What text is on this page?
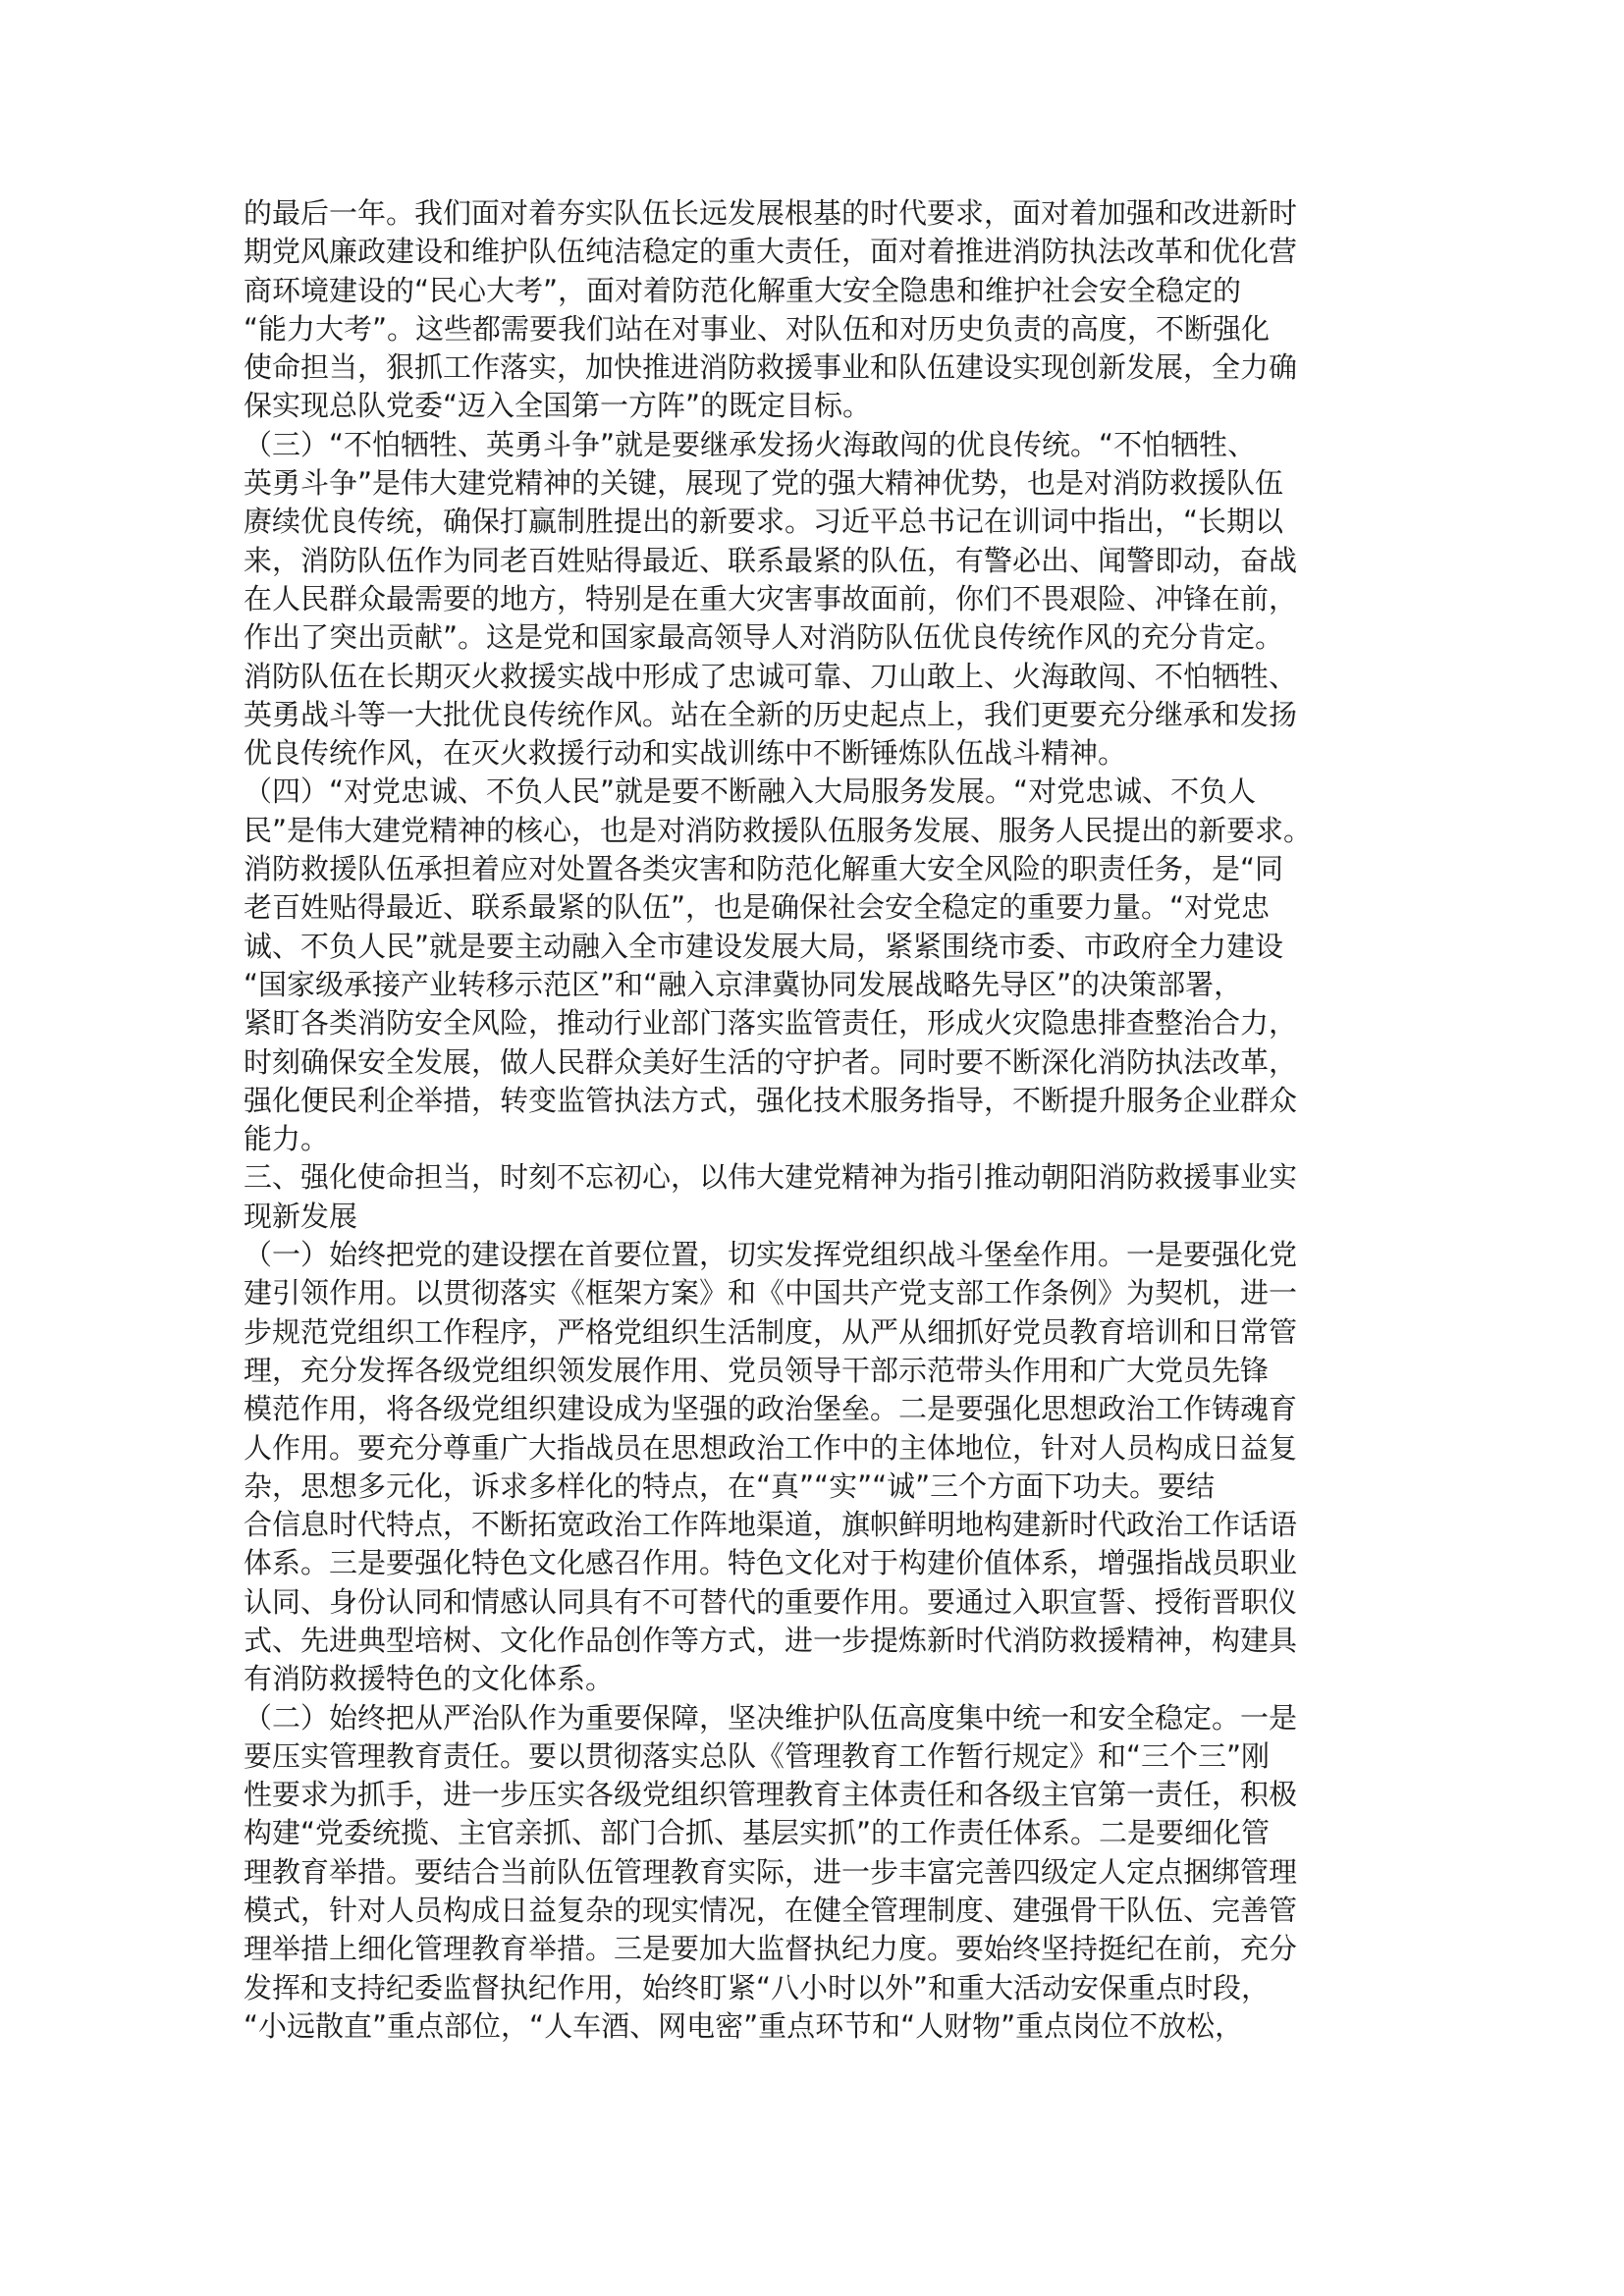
的最后一年。我们面对着夯实队伍长远发展根基的时代要求，面对着加强和改进新时
期党风廉政建设和维护队伍纯洁稳定的重大责任，面对着推进消防执法改革和优化营
商环境建设的“民心大考”，面对着防范化解重大安全隐患和维护社会安全稳定的
“能力大考”。这些都需要我们站在对事业、对队伍和对历史负责的高度，不断强化
使命担当，狠抓工作落实，加快推进消防救援事业和队伍建设实现创新发展，全力确
保实现总队党委“迈入全国第一方阵”的既定目标。
（三）“不怕牺牲、英勇斗争”就是要继承发扬火海敢闯的优良传统。“不怕牺牲、
英勇斗争”是伟大建党精神的关键，展现了党的强大精神优势，也是对消防救援队伍
赓续优良传统，确保打赢制胜提出的新要求。习近平总书记在训词中指出，“长期以
来，消防队伍作为同老百姓贴得最近、联系最紧的队伍，有警必出、闻警即动，奋战
在人民群众最需要的地方，特别是在重大灾害事故面前，你们不畏艰险、冲锋在前，
作出了突出贡献”。这是党和国家最高领导人对消防队伍优良传统作风的充分肯定。
消防队伍在长期灭火救援实战中形成了忠诚可靠、刀山敢上、火海敢闯、不怕牺牲、
英勇战斗等一大批优良传统作风。站在全新的历史起点上，我们更要充分继承和发扬
优良传统作风，在灭火救援行动和实战训练中不断锤炼队伍战斗精神。
（四）“对党忠诚、不负人民”就是要不断融入大局服务发展。“对党忠诚、不负人
民”是伟大建党精神的核心，也是对消防救援队伍服务发展、服务人民提出的新要求。
消防救援队伍承担着应对处置各类灾害和防范化解重大安全风险的职责任务，是“同
老百姓贴得最近、联系最紧的队伍”，也是确保社会安全稳定的重要力量。“对党忠
诚、不负人民”就是要主动融入全市建设发展大局，紧紧围绕市委、市政府全力建设
“国家级承接产业转移示范区”和“融入京津冀协同发展战略先导区”的决策部署，
紧盯各类消防安全风险，推动行业部门落实监管责任，形成火灾隐患排查整治合力，
时刻确保安全发展，做人民群众美好生活的守护者。同时要不断深化消防执法改革，
强化便民利企举措，转变监管执法方式，强化技术服务指导，不断提升服务企业群众
能力。
三、强化使命担当，时刻不忘初心，以伟大建党精神为指引推动朝阳消防救援事业实
现新发展
（一）始终把党的建设摆在首要位置，切实发挥党组织战斗堡垒作用。一是要强化党
建引领作用。以贯彻落实《框架方案》和《中国共产党支部工作条例》为契机，进一
步规范党组织工作程序，严格党组织生活制度，从严从细抓好党员教育培训和日常管
理，充分发挥各级党组织领发展作用、党员领导干部示范带头作用和广大党员先锋
模范作用，将各级党组织建设成为坚强的政治堡垒。二是要强化思想政治工作铸魂育
人作用。要充分尊重广大指战员在思想政治工作中的主体地位，针对人员构成日益复
杂，思想多元化，诉求多样化的特点，在“真”“实”“诚”三个方面下功夫。要结
合信息时代特点，不断拓宽政治工作阵地渠道，旗帜鲜明地构建新时代政治工作话语
体系。三是要强化特色文化感召作用。特色文化对于构建价值体系，增强指战员职业
认同、身份认同和情感认同具有不可替代的重要作用。要通过入职宣誓、授衔晋职仪
式、先进典型培树、文化作品创作等方式，进一步提炼新时代消防救援精神，构建具
有消防救援特色的文化体系。
（二）始终把从严治队作为重要保障，坚决维护队伍高度集中统一和安全稳定。一是
要压实管理教育责任。要以贯彻落实总队《管理教育工作暂行规定》和“三个三”刚
性要求为抓手，进一步压实各级党组织管理教育主体责任和各级主官第一责任，积极
构建“党委统揽、主官亲抓、部门合抓、基层实抓”的工作责任体系。二是要细化管
理教育举措。要结合当前队伍管理教育实际，进一步丰富完善四级定人定点捆绑管理
模式，针对人员构成日益复杂的现实情况，在健全管理制度、建强骨干队伍、完善管
理举措上细化管理教育举措。三是要加大监督执纪力度。要始终坚持挺纪在前，充分
发挥和支持纪委监督执纪作用，始终盯紧“八小时以外”和重大活动安保重点时段，
“小远散直”重点部位，“人车酒、网电密”重点环节和“人财物”重点岗位不放松，
